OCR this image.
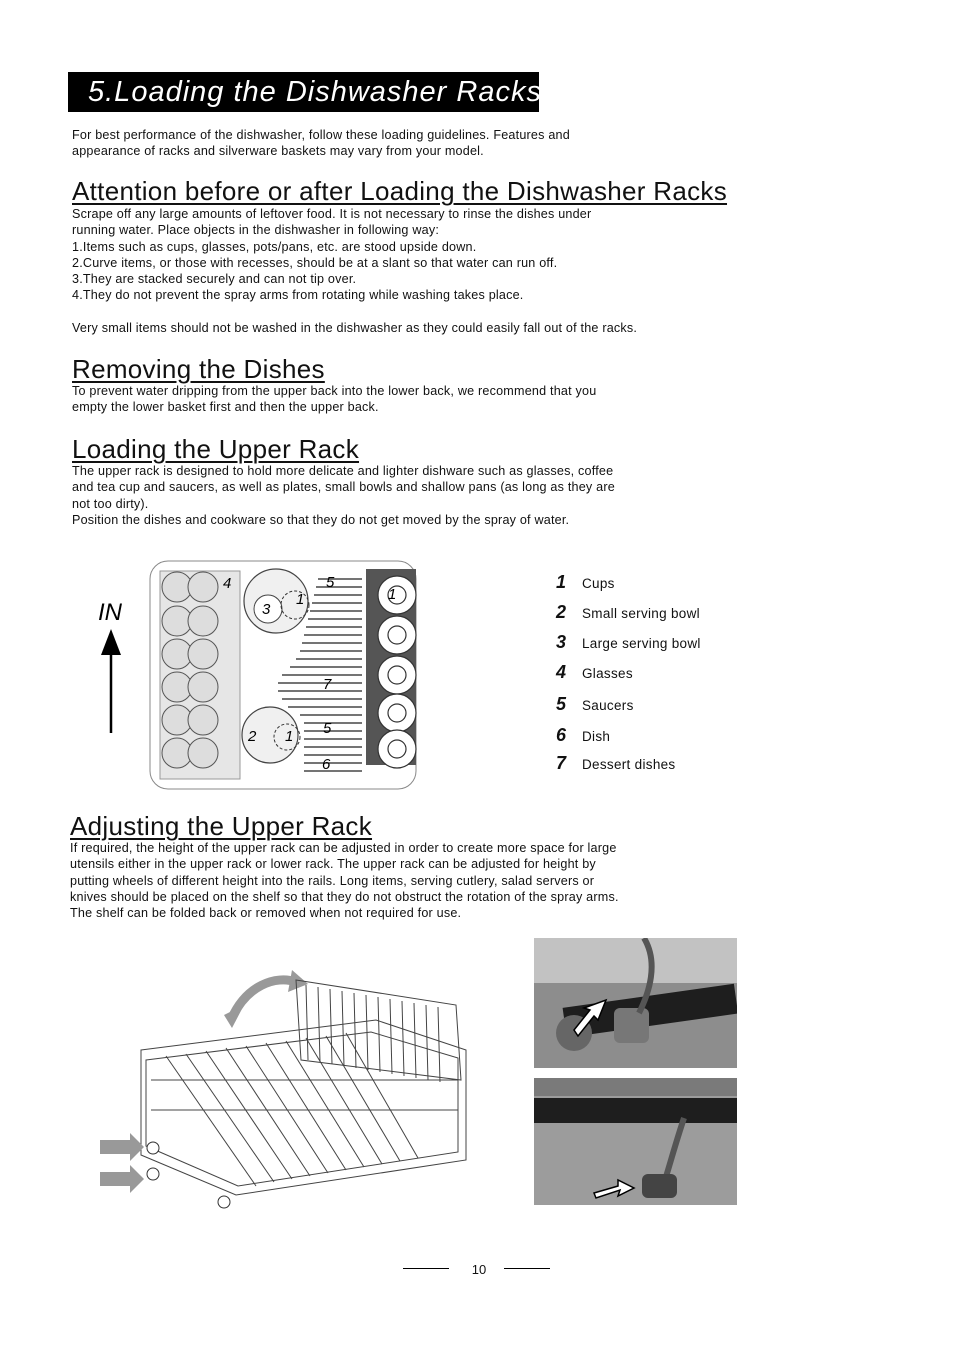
5.Loading the Dishwasher Racks
For best performance of the dishwasher, follow these loading guidelines. Features and
appearance of racks and silverware baskets may vary from your model.
Attention before or after Loading the Dishwasher Racks
Scrape off any large amounts of leftover food. It is not necessary to rinse the dishes under
running water. Place objects in the dishwasher in following way:
1.Items such as cups, glasses, pots/pans, etc. are stood upside down.
2.Curve items, or those with recesses, should be at a slant so that water can run off.
3.They are stacked securely and can not tip over.
4.They do not prevent the spray arms from rotating while washing takes place.

Very small items should not be washed in the dishwasher as they could easily fall out of the racks.
Removing the Dishes
To prevent water dripping from the upper back into the lower back, we recommend that you
empty the lower basket first and then the upper back.
Loading the Upper Rack
The upper rack is designed to hold more delicate and lighter dishware such as glasses, coffee
and tea cup and saucers, as well as plates, small bowls and shallow pans (as long as they are
not too dirty).
Position the dishes and cookware so that they do not get moved by the spray of water.
IN
4	5
3
1	1
7
5
2 1
6
1	Cups
2	Small serving bowl
3	Large serving bowl
4	Glasses
5	Saucers
6	Dish
7	Dessert dishes
Adjusting the Upper Rack
If required, the height of the upper rack can be adjusted in order to create more space for large
utensils either in the upper rack or lower rack. The upper rack can be adjusted for height by
putting wheels of different height into the rails. Long items, serving cutlery, salad servers or
knives should be placed on the shelf so that they do not obstruct the rotation of the spray arms.
The shelf can be folded back or removed when not required for use.
10
